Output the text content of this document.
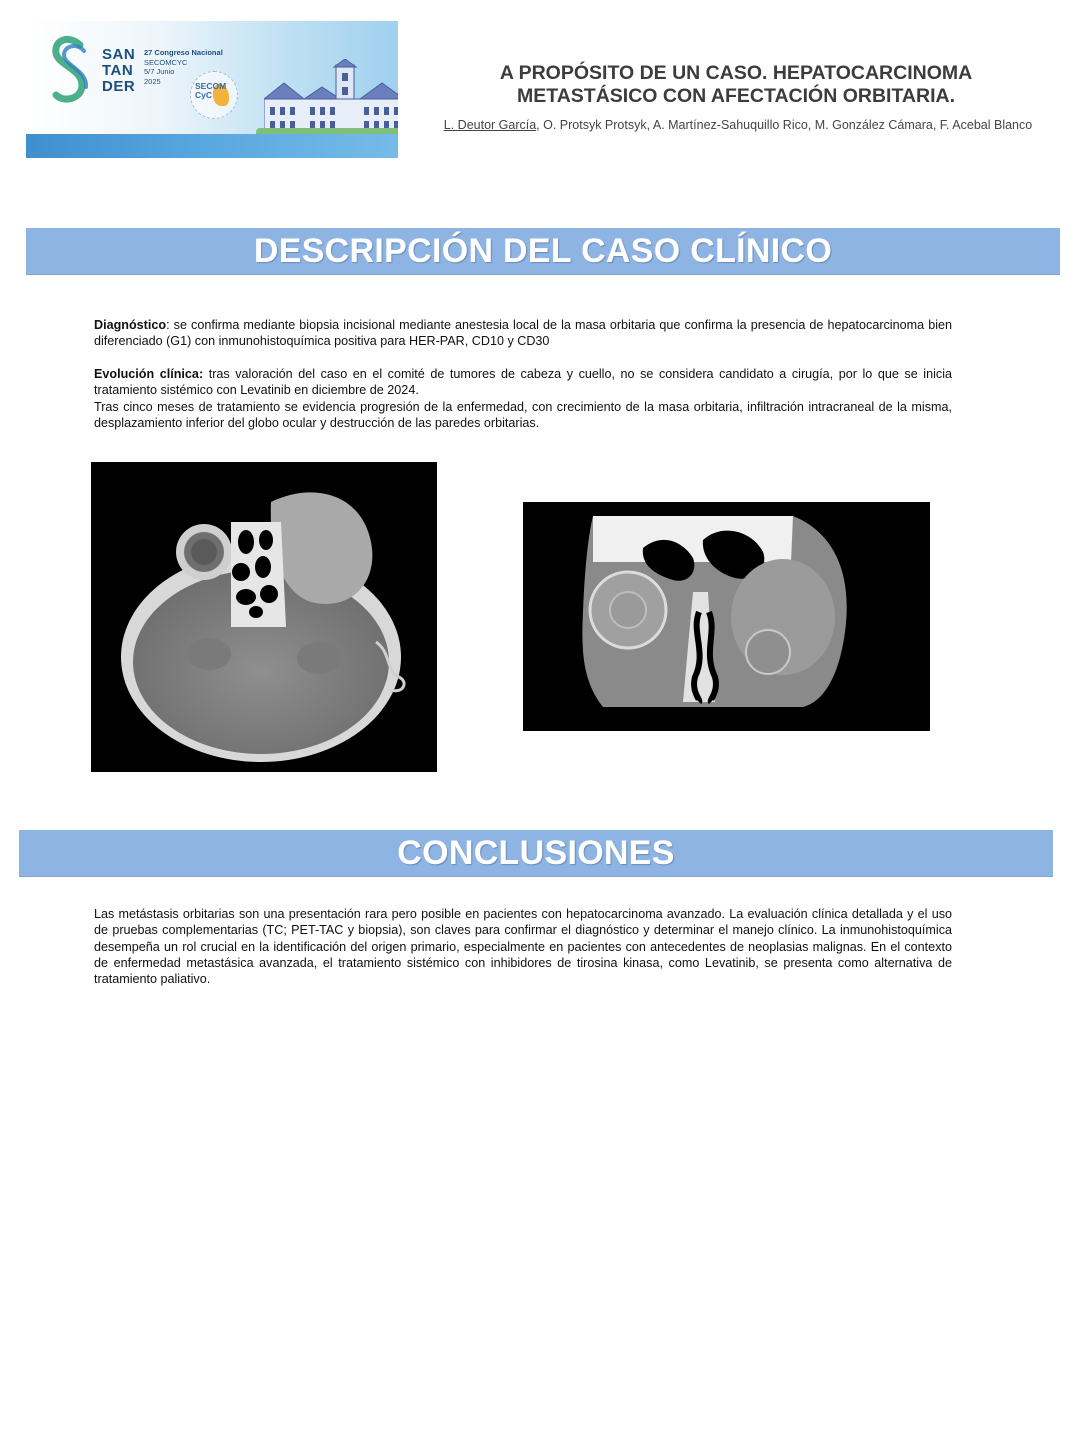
SAN
TAN
DER
27 Congreso Nacional
SECOMCYC
5/7 Junio
2025	SECOM
CyC
A PROPÓSITO DE UN CASO. HEPATOCARCINOMA
METASTÁSICO CON AFECTACIÓN ORBITARIA.
L. Deutor García, O. Protsyk Protsyk, A. Martínez-Sahuquillo Rico, M. González Cámara, F. Acebal Blanco
DESCRIPCIÓN DEL CASO CLÍNICO
Diagnóstico: se confirma mediante biopsia incisional mediante anestesia local de la masa orbitaria que confirma la presencia de hepatocarcinoma bien diferenciado (G1) con inmunohistoquímica positiva para HER-PAR, CD10 y CD30
Evolución clínica: tras valoración del caso en el comité de tumores de cabeza y cuello, no se considera candidato a cirugía, por lo que se inicia tratamiento sistémico con Levatinib en diciembre de 2024.
Tras cinco meses de tratamiento se evidencia progresión de la enfermedad, con crecimiento de la masa orbitaria, infiltración intracraneal de la misma, desplazamiento inferior del globo ocular y destrucción de las paredes orbitarias.
CONCLUSIONES
Las metástasis orbitarias son una presentación rara pero posible en pacientes con hepatocarcinoma avanzado. La evaluación clínica detallada y el uso de pruebas complementarias (TC; PET-TAC y biopsia), son claves para confirmar el diagnóstico y determinar el manejo clínico. La inmunohistoquímica desempeña un rol crucial en la identificación del origen primario, especialmente en pacientes con antecedentes de neoplasias malignas. En el contexto de enfermedad metastásica avanzada, el tratamiento sistémico con inhibidores de tirosina kinasa, como Levatinib, se presenta como alternativa de tratamiento paliativo.
